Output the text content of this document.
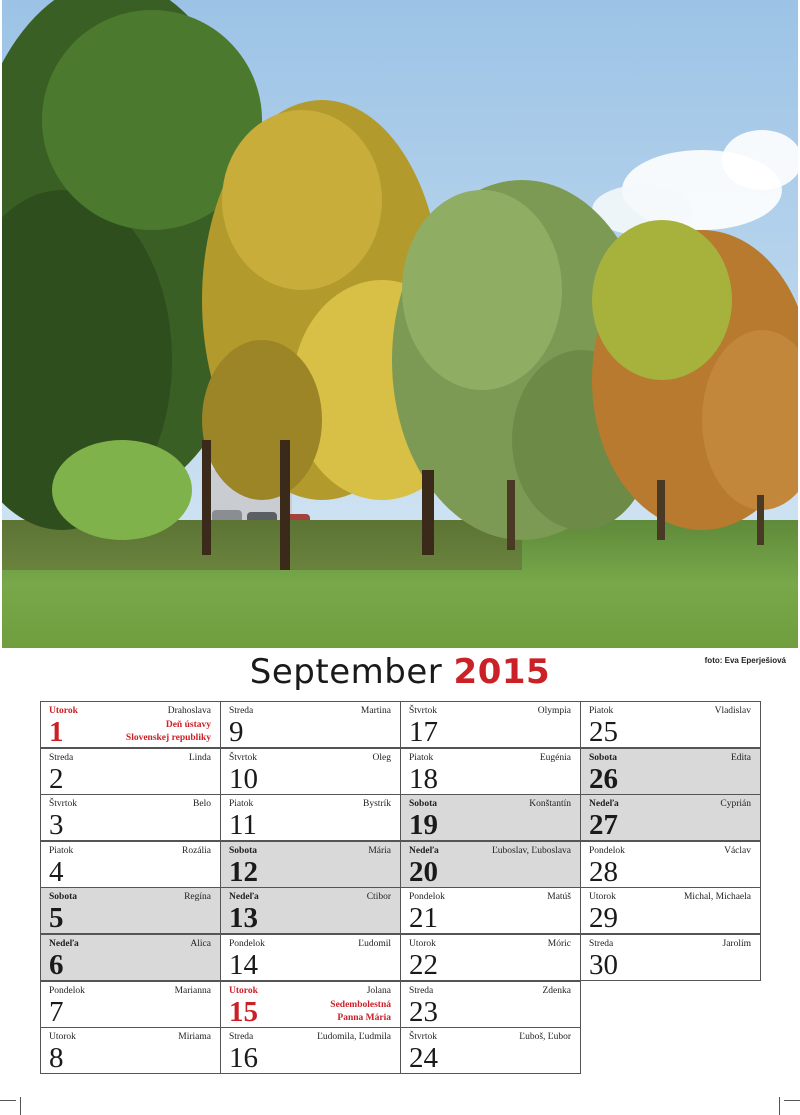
September 2015	foto: Eva Eperješiová
Utorok	Drahoslava
1	Deň ústavy
Slovenskej republiky
Streda	Linda
2
Štvrtok	Belo
3
Piatok	Rozália
4
Sobota	Regína
5
Nedeľa	Alica
6
Pondelok	Marianna
7
Utorok	Miriama
8
Streda	Martina
9
Štvrtok	Oleg
10
Piatok	Bystrík
11
Sobota	Mária
12
Nedeľa	Ctibor
13
Pondelok	Ľudomil
14
Utorok	Jolana
15	Sedembolestná
Panna Mária
Streda	Ľudomila, Ľudmila
16
Štvrtok	Olympia
17
Piatok	Eugénia
18
Sobota	Konštantín
19
Nedeľa	Ľuboslav, Ľuboslava
20
Pondelok	Matúš
21
Utorok	Móric
22
Streda	Zdenka
23
Štvrtok	Ľuboš, Ľubor
24
Piatok	Vladislav
25
Sobota	Edita
26
Nedeľa	Cyprián
27
Pondelok	Václav
28
Utorok	Michal, Michaela
29
Streda	Jarolím
30
